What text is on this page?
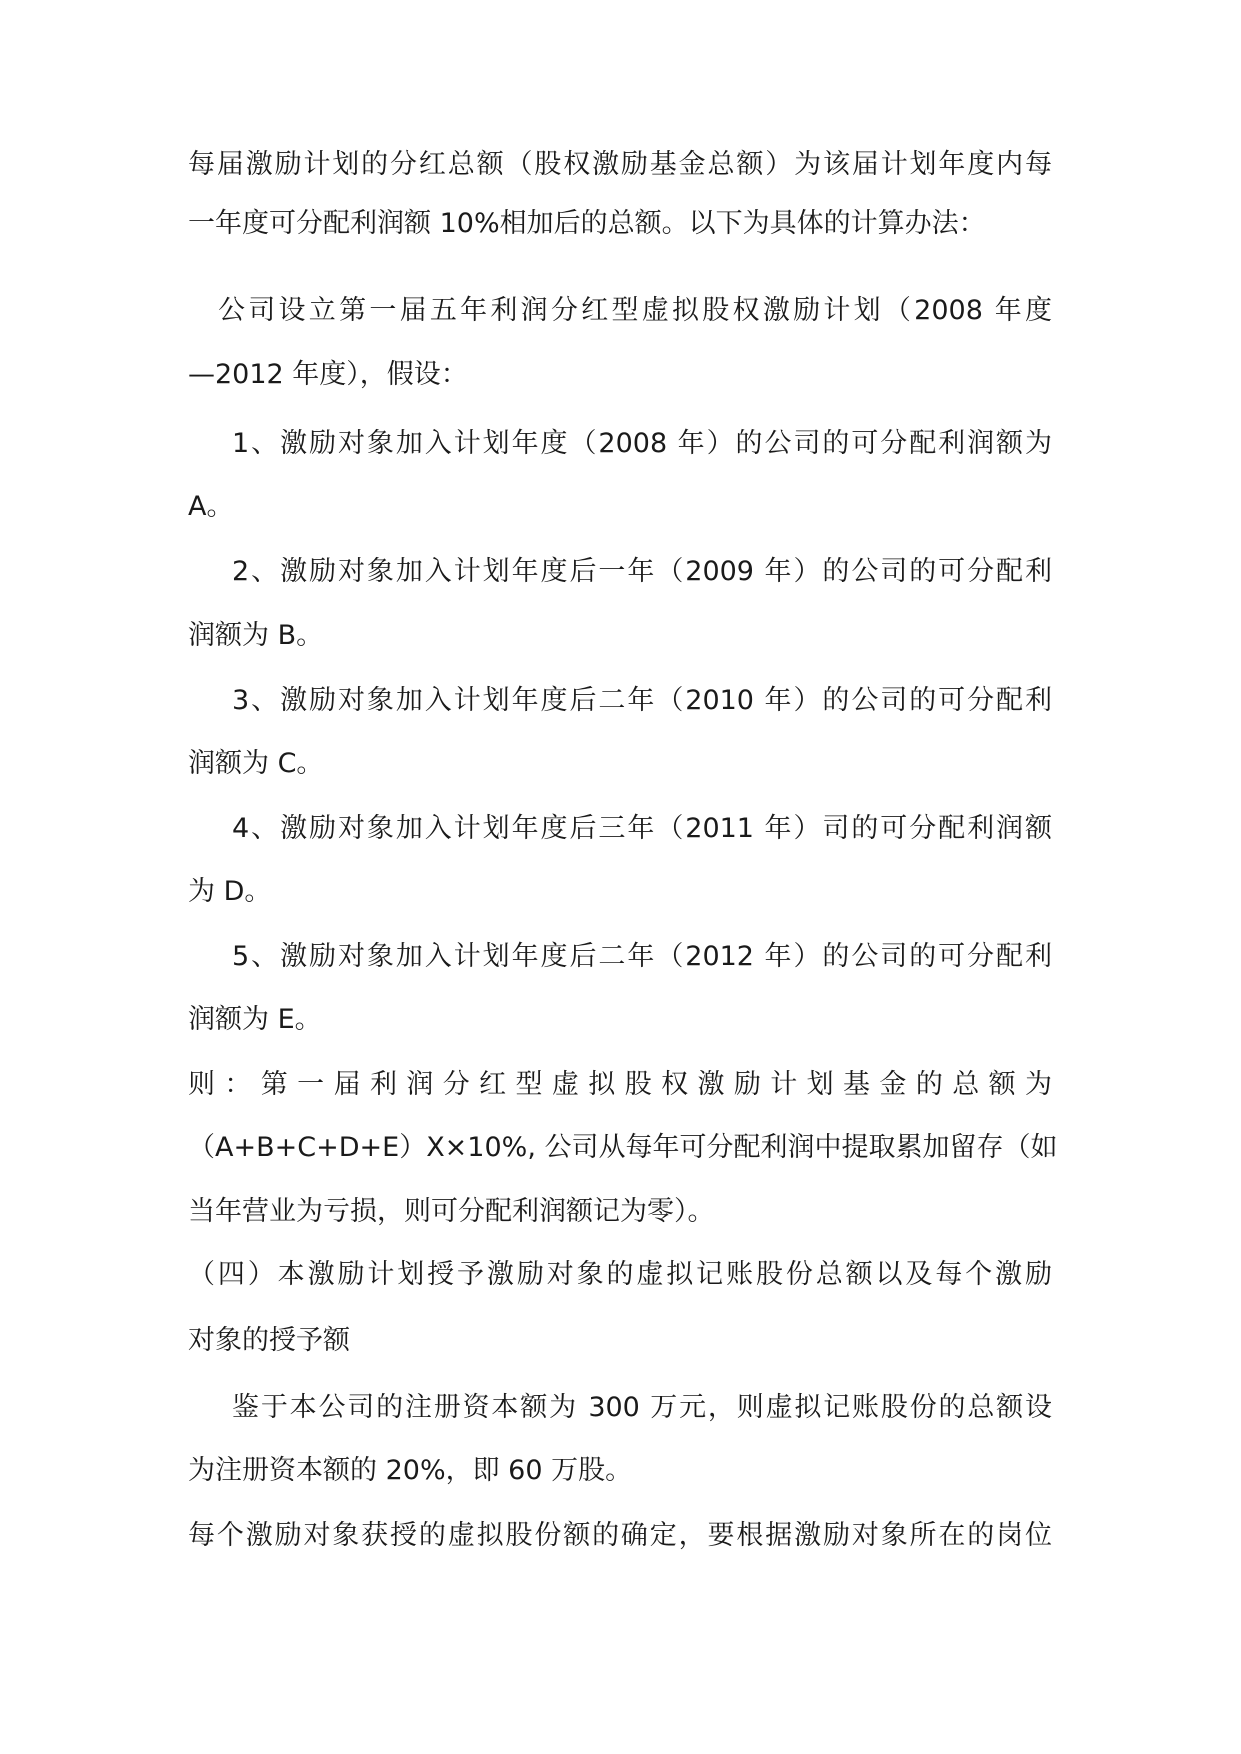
每届激励计划的分红总额（股权激励基金总额）为该届计划年度内每

一年度可分配利润额 10%相加后的总额。以下为具体的计算办法：

公司设立第一届五年利润分红型虚拟股权激励计划（2008 年度

—2012 年度），假设：

1、激励对象加入计划年度（2008 年）的公司的可分配利润额为

A。

2、激励对象加入计划年度后一年（2009 年）的公司的可分配利

润额为 B。

3、激励对象加入计划年度后二年（2010 年）的公司的可分配利

润额为 C。

4、激励对象加入计划年度后三年（2011 年）司的可分配利润额

为 D。

5、激励对象加入计划年度后二年（2012 年）的公司的可分配利

润额为 E。

则：第一届利润分红型虚拟股权激励计划基金的总额为

（A+B+C+D+E）X×10%, 公司从每年可分配利润中提取累加留存（如

当年营业为亏损，则可分配利润额记为零）。

（四）本激励计划授予激励对象的虚拟记账股份总额以及每个激励

对象的授予额

鉴于本公司的注册资本额为 300 万元，则虚拟记账股份的总额设

为注册资本额的 20%，即 60 万股。

每个激励对象获授的虚拟股份额的确定，要根据激励对象所在的岗位
